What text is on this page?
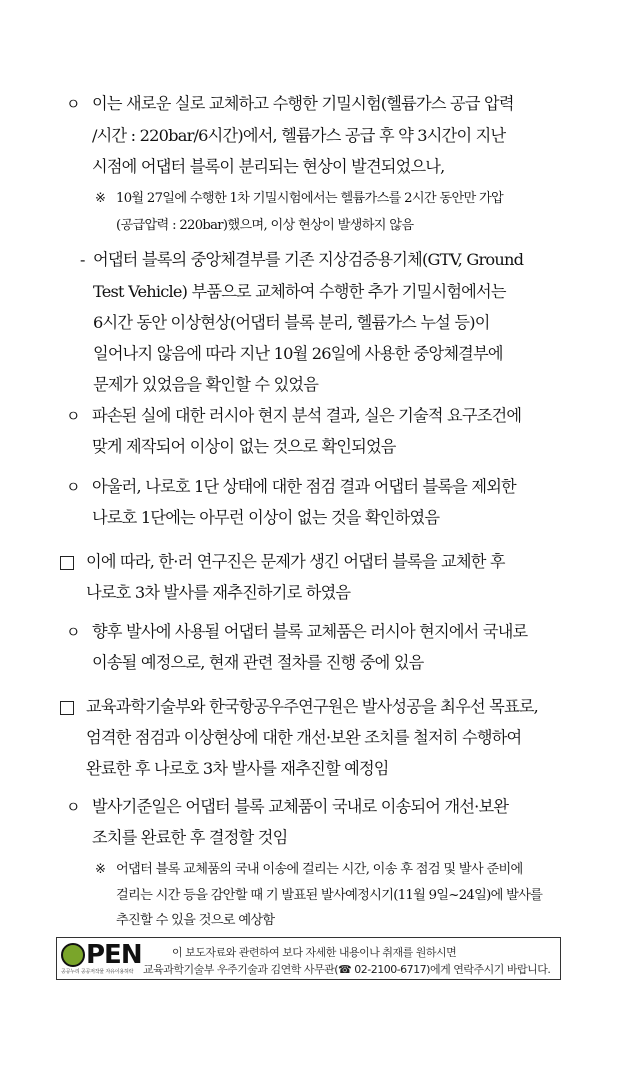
ㅇ 이는 새로운 실로 교체하고 수행한 기밀시험(헬륨가스 공급 압력
/시간 : 220bar/6시간)에서, 헬륨가스 공급 후 약 3시간이 지난
시점에 어댑터 블록이 분리되는 현상이 발견되었으나,
※ 10월 27일에 수행한 1차 기밀시험에서는 헬륨가스를 2시간 동안만 가압
(공급압력 : 220bar)했으며, 이상 현상이 발생하지 않음
- 어댑터 블록의 중앙체결부를 기존 지상검증용기체(GTV, Ground
Test Vehicle) 부품으로 교체하여 수행한 추가 기밀시험에서는
6시간 동안 이상현상(어댑터 블록 분리, 헬륨가스 누설 등)이
일어나지 않음에 따라 지난 10월 26일에 사용한 중앙체결부에
문제가 있었음을 확인할 수 있었음
ㅇ 파손된 실에 대한 러시아 현지 분석 결과, 실은 기술적 요구조건에
맞게 제작되어 이상이 없는 것으로 확인되었음
ㅇ 아울러, 나로호 1단 상태에 대한 점검 결과 어댑터 블록을 제외한
나로호 1단에는 아무런 이상이 없는 것을 확인하였음
이에 따라, 한·러 연구진은 문제가 생긴 어댑터 블록을 교체한 후
나로호 3차 발사를 재추진하기로 하였음
ㅇ 향후 발사에 사용될 어댑터 블록 교체품은 러시아 현지에서 국내로
이송될 예정으로, 현재 관련 절차를 진행 중에 있음
교육과학기술부와 한국항공우주연구원은 발사성공을 최우선 목표로,
엄격한 점검과 이상현상에 대한 개선·보완 조치를 철저히 수행하여
완료한 후 나로호 3차 발사를 재추진할 예정임
ㅇ 발사기준일은 어댑터 블록 교체품이 국내로 이송되어 개선·보완
조치를 완료한 후 결정할 것임
※ 어댑터 블록 교체품의 국내 이송에 걸리는 시간, 이송 후 점검 및 발사 준비에
걸리는 시간 등을 감안할 때 기 발표된 발사예정시기(11월 9일~24일)에 발사를
추진할 수 있을 것으로 예상함
PEN
공공누리 공공저작물 자유이용허락
이 보도자료와 관련하여 보다 자세한 내용이나 취재를 원하시면
교육과학기술부 우주기술과 김연학 사무관(☎ 02-2100-6717)에게 연락주시기 바랍니다.
